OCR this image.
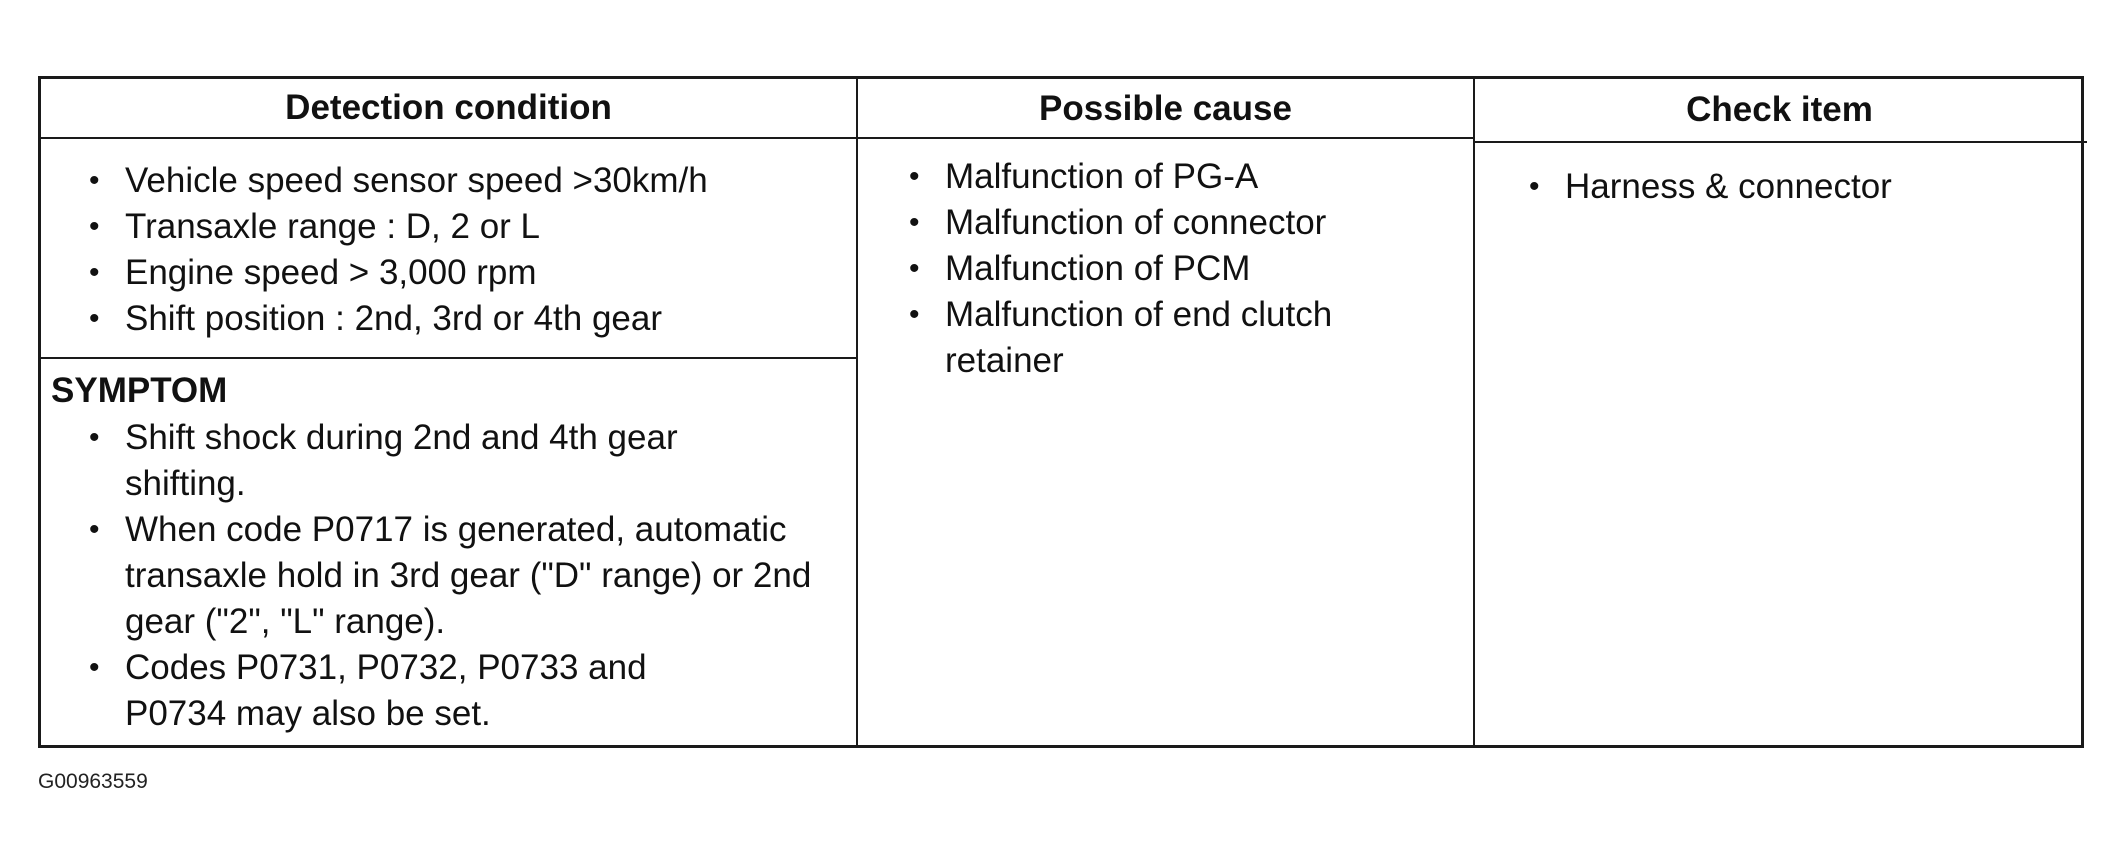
Detection condition	Possible cause	Check item
• Vehicle speed sensor speed >30km/h
• Transaxle range : D, 2 or L
• Engine speed > 3,000 rpm
• Shift position : 2nd, 3rd or 4th gear
SYMPTOM
• Shift shock during 2nd and 4th gear shifting.
• When code P0717 is generated, automatic transaxle hold in 3rd gear ("D" range) or 2nd gear ("2", "L" range).
• Codes P0731, P0732, P0733 and P0734 may also be set.
• Malfunction of PG-A
• Malfunction of connector
• Malfunction of PCM
• Malfunction of end clutch retainer
• Harness & connector
G00963559
